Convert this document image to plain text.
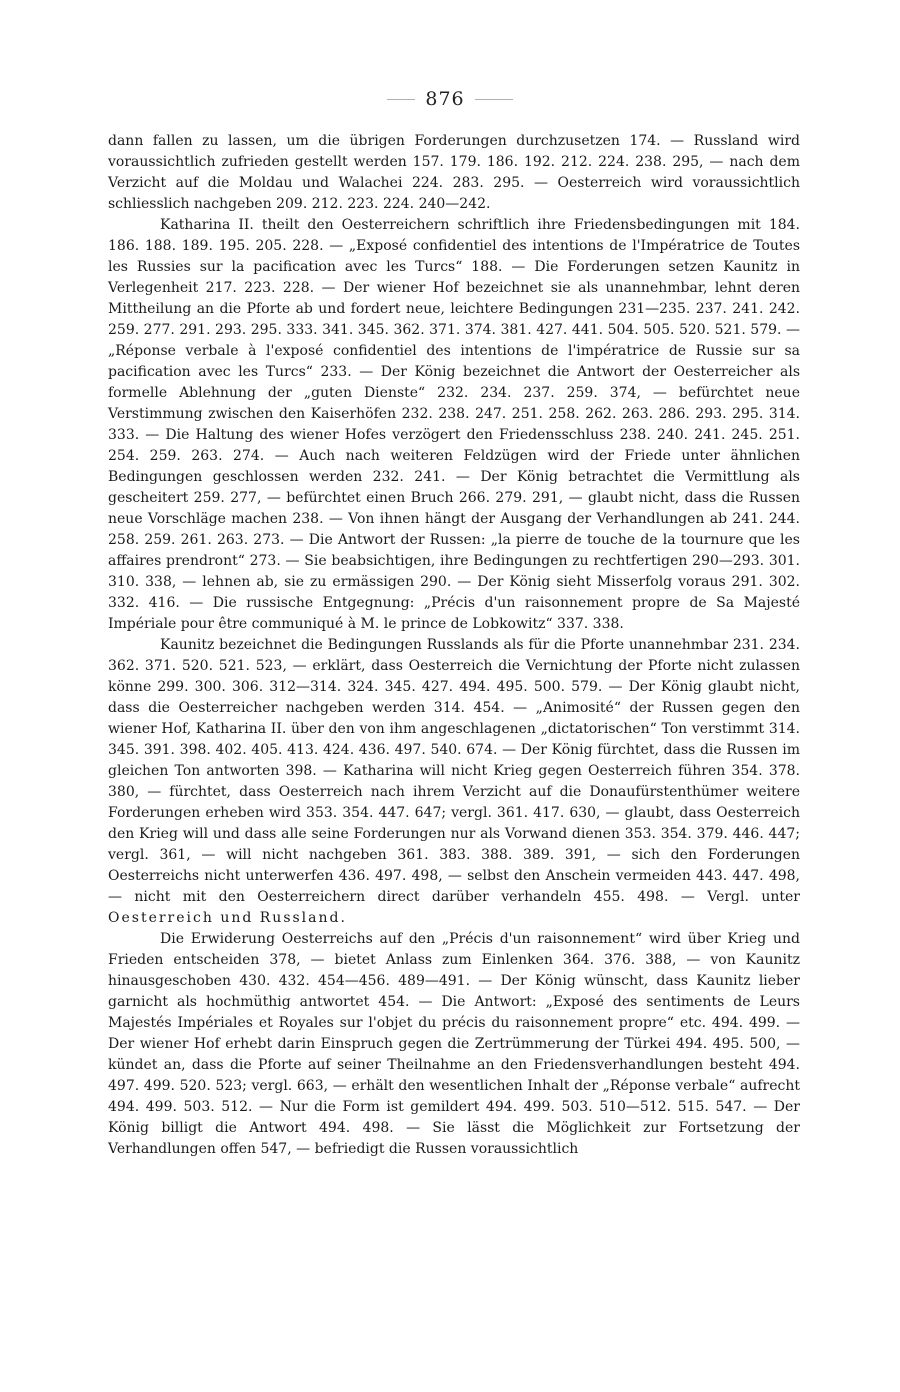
876

dann fallen zu lassen, um die übrigen Forderungen durchzusetzen 174. — Russland wird voraussichtlich zufrieden gestellt werden 157. 179. 186. 192. 212. 224. 238. 295, — nach dem Verzicht auf die Moldau und Walachei 224. 283. 295. — Oesterreich wird voraussichtlich schliesslich nachgeben 209. 212. 223. 224. 240—242.

Katharina II. theilt den Oesterreichern schriftlich ihre Friedensbedingungen mit 184. 186. 188. 189. 195. 205. 228. — „Exposé confidentiel des intentions de l'Impératrice de Toutes les Russies sur la pacification avec les Turcs“ 188. — Die Forderungen setzen Kaunitz in Verlegenheit 217. 223. 228. — Der wiener Hof bezeichnet sie als unannehmbar, lehnt deren Mittheilung an die Pforte ab und fordert neue, leichtere Bedingungen 231—235. 237. 241. 242. 259. 277. 291. 293. 295. 333. 341. 345. 362. 371. 374. 381. 427. 441. 504. 505. 520. 521. 579. — „Réponse verbale à l'exposé confidentiel des intentions de l'impératrice de Russie sur sa pacification avec les Turcs“ 233. — Der König bezeichnet die Antwort der Oesterreicher als formelle Ablehnung der „guten Dienste“ 232. 234. 237. 259. 374, — befürchtet neue Verstimmung zwischen den Kaiserhöfen 232. 238. 247. 251. 258. 262. 263. 286. 293. 295. 314. 333. — Die Haltung des wiener Hofes verzögert den Friedensschluss 238. 240. 241. 245. 251. 254. 259. 263. 274. — Auch nach weiteren Feldzügen wird der Friede unter ähnlichen Bedingungen geschlossen werden 232. 241. — Der König betrachtet die Vermittlung als gescheitert 259. 277, — befürchtet einen Bruch 266. 279. 291, — glaubt nicht, dass die Russen neue Vorschläge machen 238. — Von ihnen hängt der Ausgang der Verhandlungen ab 241. 244. 258. 259. 261. 263. 273. — Die Antwort der Russen: „la pierre de touche de la tournure que les affaires prendront“ 273. — Sie beabsichtigen, ihre Bedingungen zu rechtfertigen 290—293. 301. 310. 338, — lehnen ab, sie zu ermässigen 290. — Der König sieht Misserfolg voraus 291. 302. 332. 416. — Die russische Entgegnung: „Précis d'un raisonnement propre de Sa Majesté Impériale pour être communiqué à M. le prince de Lobkowitz“ 337. 338.

Kaunitz bezeichnet die Bedingungen Russlands als für die Pforte unannehmbar 231. 234. 362. 371. 520. 521. 523, — erklärt, dass Oesterreich die Vernichtung der Pforte nicht zulassen könne 299. 300. 306. 312—314. 324. 345. 427. 494. 495. 500. 579. — Der König glaubt nicht, dass die Oesterreicher nachgeben werden 314. 454. — „Animosité“ der Russen gegen den wiener Hof, Katharina II. über den von ihm angeschlagenen „dictatorischen“ Ton verstimmt 314. 345. 391. 398. 402. 405. 413. 424. 436. 497. 540. 674. — Der König fürchtet, dass die Russen im gleichen Ton antworten 398. — Katharina will nicht Krieg gegen Oesterreich führen 354. 378. 380, — fürchtet, dass Oesterreich nach ihrem Verzicht auf die Donaufürstenthümer weitere Forderungen erheben wird 353. 354. 447. 647; vergl. 361. 417. 630, — glaubt, dass Oesterreich den Krieg will und dass alle seine Forderungen nur als Vorwand dienen 353. 354. 379. 446. 447; vergl. 361, — will nicht nachgeben 361. 383. 388. 389. 391, — sich den Forderungen Oesterreichs nicht unterwerfen 436. 497. 498, — selbst den Anschein vermeiden 443. 447. 498, — nicht mit den Oesterreichern direct darüber verhandeln 455. 498. — Vergl. unter Oesterreich und Russland.

Die Erwiderung Oesterreichs auf den „Précis d'un raisonnement“ wird über Krieg und Frieden entscheiden 378, — bietet Anlass zum Einlenken 364. 376. 388, — von Kaunitz hinausgeschoben 430. 432. 454—456. 489—491. — Der König wünscht, dass Kaunitz lieber garnicht als hochmüthig antwortet 454. — Die Antwort: „Exposé des sentiments de Leurs Majestés Impériales et Royales sur l'objet du précis du raisonnement propre“ etc. 494. 499. — Der wiener Hof erhebt darin Einspruch gegen die Zertrümmerung der Türkei 494. 495. 500, — kündet an, dass die Pforte auf seiner Theilnahme an den Friedensverhandlungen besteht 494. 497. 499. 520. 523; vergl. 663, — erhält den wesentlichen Inhalt der „Réponse verbale“ aufrecht 494. 499. 503. 512. — Nur die Form ist gemildert 494. 499. 503. 510—512. 515. 547. — Der König billigt die Antwort 494. 498. — Sie lässt die Möglichkeit zur Fortsetzung der Verhandlungen offen 547, — befriedigt die Russen voraussichtlich
